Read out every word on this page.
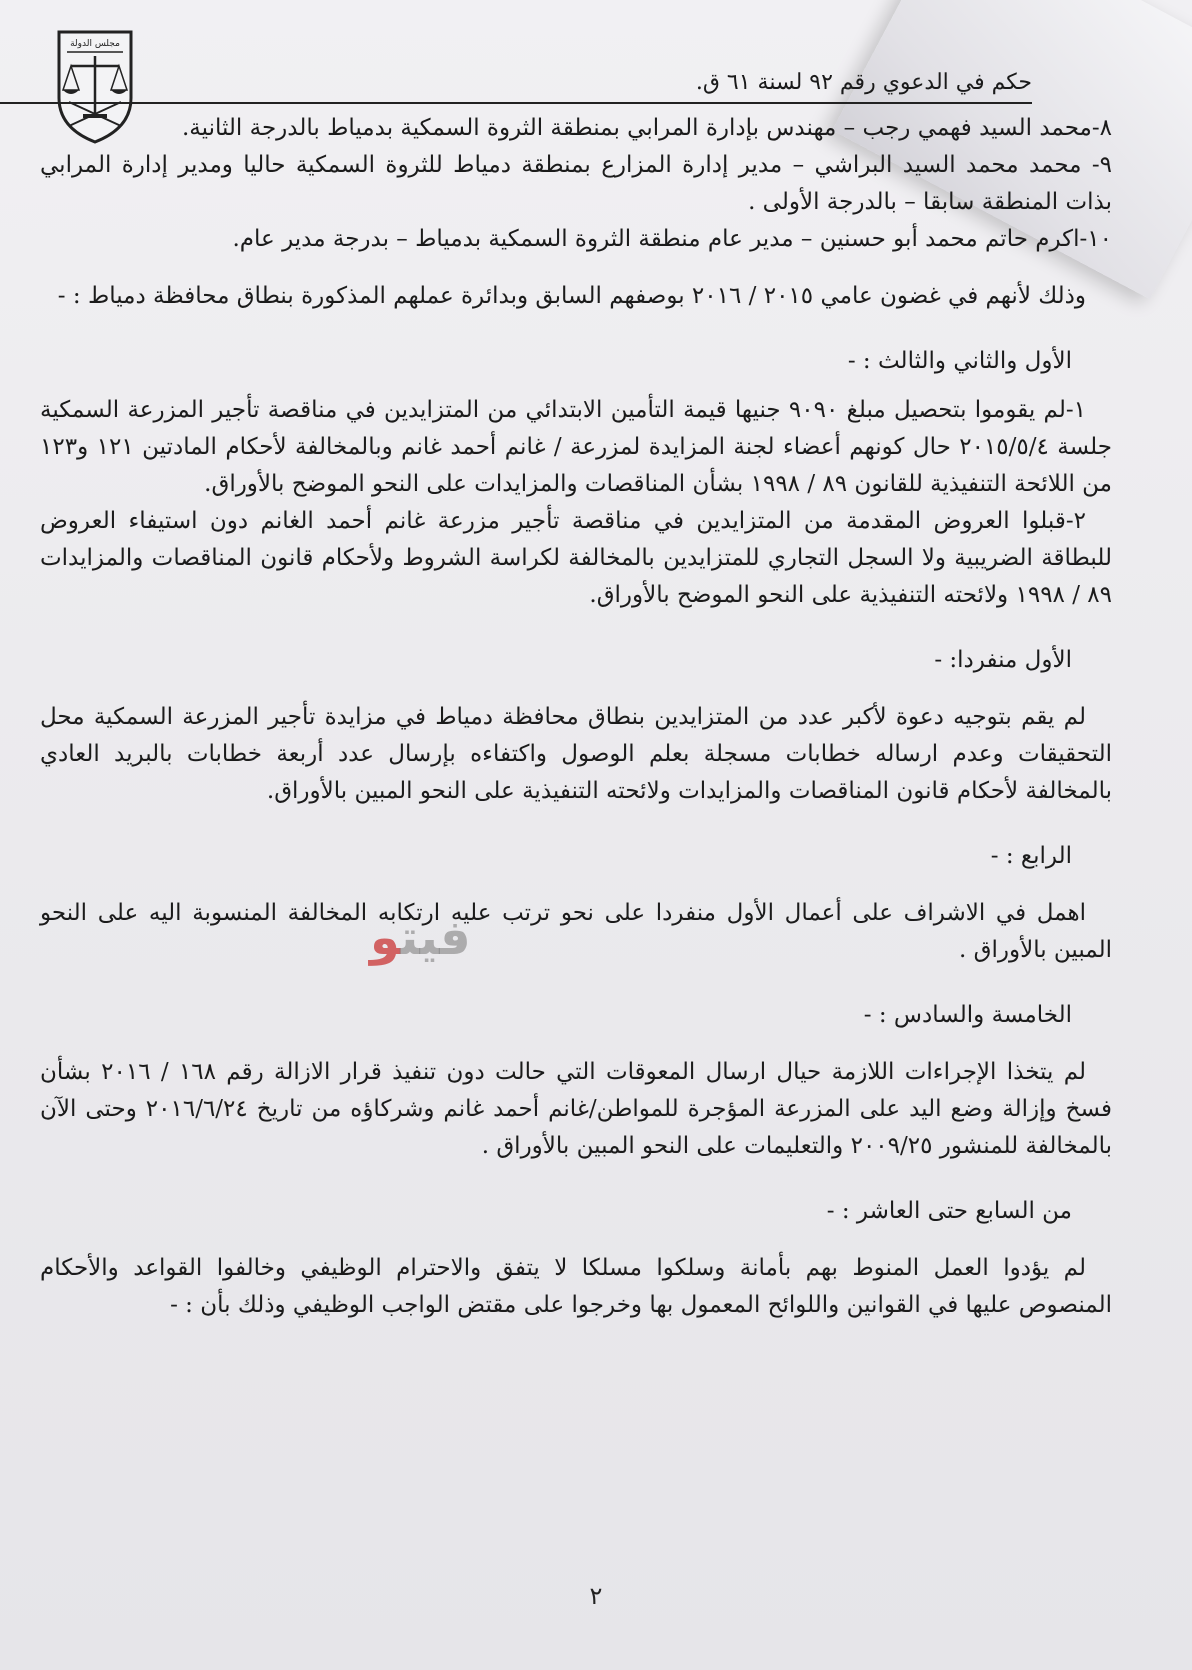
مجلس الدولة
حكم في الدعوي رقم ٩٢ لسنة ٦١ ق.

٨-محمد السيد فهمي رجب – مهندس بإدارة المرابي بمنطقة الثروة السمكية بدمياط بالدرجة الثانية.

٩- محمد محمد السيد البراشي – مدير إدارة المزارع بمنطقة دمياط للثروة السمكية حاليا ومدير إدارة المرابي بذات المنطقة سابقا – بالدرجة الأولى .

١٠-اكرم حاتم محمد أبو حسنين – مدير عام منطقة الثروة السمكية بدمياط – بدرجة مدير عام.

وذلك لأنهم في غضون عامي ٢٠١٥ / ٢٠١٦ بوصفهم السابق وبدائرة عملهم المذكورة بنطاق محافظة دمياط : -

الأول والثاني والثالث : -

١-لم يقوموا بتحصيل مبلغ ٩٠٩٠ جنيها قيمة التأمين الابتدائي من المتزايدين في مناقصة تأجير المزرعة السمكية جلسة ٢٠١٥/٥/٤ حال كونهم أعضاء لجنة المزايدة لمزرعة / غانم أحمد غانم وبالمخالفة لأحكام المادتين ١٢١ و١٢٣ من اللائحة التنفيذية للقانون ٨٩ / ١٩٩٨ بشأن المناقصات والمزايدات على النحو الموضح بالأوراق.

٢-قبلوا العروض المقدمة من المتزايدين في مناقصة تأجير مزرعة غانم أحمد الغانم دون استيفاء العروض للبطاقة الضريبية ولا السجل التجاري للمتزايدين بالمخالفة لكراسة الشروط ولأحكام قانون المناقصات والمزايدات ٨٩ / ١٩٩٨ ولائحته التنفيذية على النحو الموضح بالأوراق.

الأول منفردا: -

لم يقم بتوجيه دعوة لأكبر عدد من المتزايدين بنطاق محافظة دمياط في مزايدة تأجير المزرعة السمكية محل التحقيقات وعدم ارساله خطابات مسجلة بعلم الوصول واكتفاءه بإرسال عدد أربعة خطابات بالبريد العادي بالمخالفة لأحكام قانون المناقصات والمزايدات ولائحته التنفيذية على النحو المبين بالأوراق.

الرابع : -

اهمل في الاشراف على أعمال الأول منفردا على نحو ترتب عليه ارتكابه المخالفة المنسوبة اليه على النحو المبين بالأوراق .

الخامسة والسادس : -

لم يتخذا الإجراءات اللازمة حيال ارسال المعوقات التي حالت دون تنفيذ قرار الازالة رقم ١٦٨ / ٢٠١٦ بشأن فسخ وإزالة وضع اليد على المزرعة المؤجرة للمواطن/غانم أحمد غانم وشركاؤه من تاريخ ٢٠١٦/٦/٢٤ وحتى الآن بالمخالفة للمنشور ٢٠٠٩/٢٥ والتعليمات على النحو المبين بالأوراق .

من السابع حتى العاشر : -

لم يؤدوا العمل المنوط بهم بأمانة وسلكوا مسلكا لا يتفق والاحترام الوظيفي وخالفوا القواعد والأحكام المنصوص عليها في القوانين واللوائح المعمول بها وخرجوا على مقتض الواجب الوظيفي وذلك بأن : -

فيتو
٢
